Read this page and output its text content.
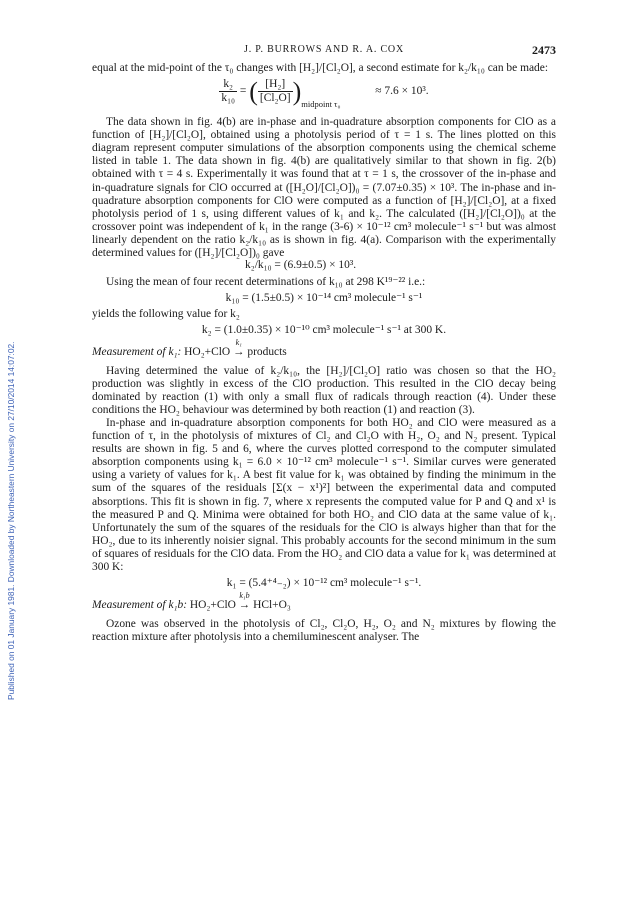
Published on 01 January 1981. Downloaded by Northeastern University on 27/10/2014 14:07:02.
J. P. BURROWS AND R. A. COX	2473

equal at the mid-point of the τ₀ changes with [H₂]/[Cl₂O], a second estimate for k₂/k₁₀ can be made:

$\frac{\text{k₂}}{\text{k₁₀}}$ = ( $\frac{\text{[H₂]}}{\text{[Cl₂O]}} )_{midpoint \tau_0} \approx 7.6 \times 10^3$.

The data shown in fig. 4(b) are in-phase and in-quadrature absorption components for ClO as a function of [H₂]/[Cl₂O], obtained using a photolysis period of τ = 1 s. The lines plotted on this diagram represent computer simulations of the absorption components using the chemical scheme listed in table 1. The data shown in fig. 4(b) are qualitatively similar to that shown in fig. 2(b) obtained with τ = 4 s. Experimentally it was found that at τ = 1 s, the crossover of the in-phase and in-quadrature signals for ClO occurred at ([H₂O]/[Cl₂O])₀ = (7.07±0.35) × 10³. The in-phase and in-quadrature absorption components for ClO were computed as a function of [H₂]/[Cl₂O], at a fixed photolysis period of 1 s, using different values of k₁ and k₂. The calculated ([H₂]/[Cl₂O])₀ at the crossover point was independent of k₁ in the range (3-6) × 10⁻¹² cm³ molecule⁻¹ s⁻¹ but was almost linearly dependent on the ratio k₂/k₁₀ as is shown in fig. 4(a). Comparison with the experimentally determined values for ([H₂]/[Cl₂O])₀ gave

k₂/k₁₀ = (6.9±0.5) × 10³.

Using the mean of four recent determinations of k₁₀ at 298 K¹⁹⁻²² i.e.:

k₁₀ = (1.5±0.5) × 10⁻¹⁴ cm³ molecule⁻¹ s⁻¹

yields the following value for k₂

k₂ = (1.0±0.35) × 10⁻¹⁰ cm³ molecule⁻¹ s⁻¹ at 300 K.

Measurement of k₁: HO₂+ClO
k₁
→ products

Having determined the value of k₂/k₁₀, the [H₂]/[Cl₂O] ratio was chosen so that the HO₂ production was slightly in excess of the ClO production. This resulted in the ClO decay being dominated by reaction (1) with only a small flux of radicals through reaction (4). Under these conditions the HO₂ behaviour was determined by both reaction (1) and reaction (3).

In-phase and in-quadrature absorption components for both HO₂ and ClO were measured as a function of τ, in the photolysis of mixtures of Cl₂ and Cl₂O with H₂, O₂ and N₂ present. Typical results are shown in fig. 5 and 6, where the curves plotted correspond to the computer simulated absorption components using k₁ = 6.0 × 10⁻¹² cm³ molecule⁻¹ s⁻¹. Similar curves were generated using a variety of values for k₁. A best fit value for k₁ was obtained by finding the minimum in the sum of the squares of the residuals [Σ(x − x¹)²] between the experimental data and computed absorptions. This fit is shown in fig. 7, where x represents the computed value for P and Q and x¹ is the measured P and Q. Minima were obtained for both HO₂ and ClO data at the same value of k₁. Unfortunately the sum of the squares of the residuals for the ClO is always higher than that for the HO₂, due to its inherently noisier signal. This probably accounts for the second minimum in the sum of squares of residuals for the ClO data. From the HO₂ and ClO data a value for k₁ was determined at 300 K:

k₁ = (5.4⁺⁴₋₂) × 10⁻¹² cm³ molecule⁻¹ s⁻¹.

Measurement of k₁b: HO₂+ClO
k₁b
→ HCl+O₃

Ozone was observed in the photolysis of Cl₂, Cl₂O, H₂, O₂ and N₂ mixtures by flowing the reaction mixture after photolysis into a chemiluminescent analyser. The
